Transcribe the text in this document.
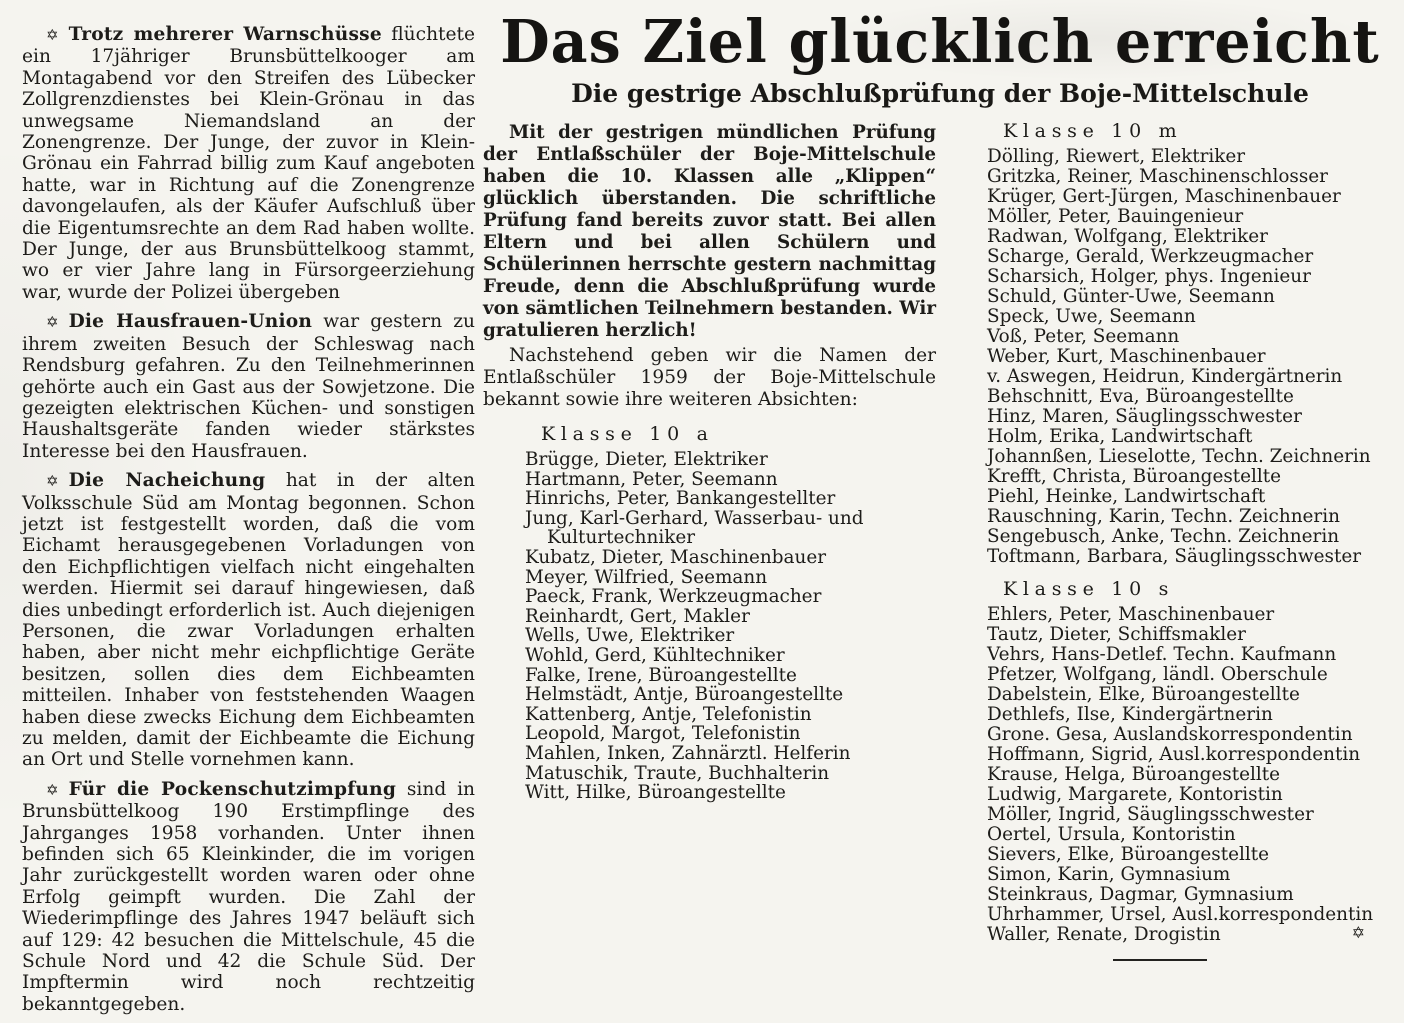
✡ Trotz mehrerer Warnschüsse flüchtete ein 17jähriger Brunsbüttelkooger am Montagabend vor den Streifen des Lübecker Zollgrenzdienstes bei Klein-Grönau in das unwegsame Niemandsland an der Zonengrenze. Der Junge, der zuvor in Klein-Grönau ein Fahrrad billig zum Kauf angeboten hatte, war in Richtung auf die Zonengrenze davongelaufen, als der Käufer Aufschluß über die Eigentumsrechte an dem Rad haben wollte. Der Junge, der aus Brunsbüttelkoog stammt, wo er vier Jahre lang in Fürsorgeerziehung war, wurde der Polizei übergeben

✡ Die Hausfrauen-Union war gestern zu ihrem zweiten Besuch der Schleswag nach Rendsburg gefahren. Zu den Teilnehmerinnen gehörte auch ein Gast aus der Sowjetzone. Die gezeigten elektrischen Küchen- und sonstigen Haushaltsgeräte fanden wieder stärkstes Interesse bei den Hausfrauen.

✡ Die Nacheichung hat in der alten Volksschule Süd am Montag begonnen. Schon jetzt ist festgestellt worden, daß die vom Eichamt herausgegebenen Vorladungen von den Eichpflichtigen vielfach nicht eingehalten werden. Hiermit sei darauf hingewiesen, daß dies unbedingt erforderlich ist. Auch diejenigen Personen, die zwar Vorladungen erhalten haben, aber nicht mehr eichpflichtige Geräte besitzen, sollen dies dem Eichbeamten mitteilen. Inhaber von feststehenden Waagen haben diese zwecks Eichung dem Eichbeamten zu melden, damit der Eichbeamte die Eichung an Ort und Stelle vornehmen kann.

✡ Für die Pockenschutzimpfung sind in Brunsbüttelkoog 190 Erstimpflinge des Jahrganges 1958 vorhanden. Unter ihnen befinden sich 65 Kleinkinder, die im vorigen Jahr zurückgestellt worden waren oder ohne Erfolg geimpft wurden. Die Zahl der Wiederimpflinge des Jahres 1947 beläuft sich auf 129: 42 besuchen die Mittelschule, 45 die Schule Nord und 42 die Schule Süd. Der Impftermin wird noch rechtzeitig bekanntgegeben.

Das Ziel glücklich erreicht
Die gestrige Abschlußprüfung der Boje-Mittelschule

Mit der gestrigen mündlichen Prüfung der Entlaßschüler der Boje-Mittelschule haben die 10. Klassen alle „Klippen“ glücklich überstanden. Die schriftliche Prüfung fand bereits zuvor statt. Bei allen Eltern und bei allen Schülern und Schülerinnen herrschte gestern nachmittag Freude, denn die Abschlußprüfung wurde von sämtlichen Teilnehmern bestanden. Wir gratulieren herzlich!

Nachstehend geben wir die Namen der Entlaßschüler 1959 der Boje-Mittelschule bekannt sowie ihre weiteren Absichten:

Klasse 10 a
Brügge, Dieter, Elektriker
Hartmann, Peter, Seemann
Hinrichs, Peter, Bankangestellter
Jung, Karl-Gerhard, Wasserbau- und Kulturtechniker
Kubatz, Dieter, Maschinenbauer
Meyer, Wilfried, Seemann
Paeck, Frank, Werkzeugmacher
Reinhardt, Gert, Makler
Wells, Uwe, Elektriker
Wohld, Gerd, Kühltechniker
Falke, Irene, Büroangestellte
Helmstädt, Antje, Büroangestellte
Kattenberg, Antje, Telefonistin
Leopold, Margot, Telefonistin
Mahlen, Inken, Zahnärztl. Helferin
Matuschik, Traute, Buchhalterin
Witt, Hilke, Büroangestellte
Klasse 10 m
Dölling, Riewert, Elektriker
Gritzka, Reiner, Maschinenschlosser
Krüger, Gert-Jürgen, Maschinenbauer
Möller, Peter, Bauingenieur
Radwan, Wolfgang, Elektriker
Scharge, Gerald, Werkzeugmacher
Scharsich, Holger, phys. Ingenieur
Schuld, Günter-Uwe, Seemann
Speck, Uwe, Seemann
Voß, Peter, Seemann
Weber, Kurt, Maschinenbauer
v. Aswegen, Heidrun, Kindergärtnerin
Behschnitt, Eva, Büroangestellte
Hinz, Maren, Säuglingsschwester
Holm, Erika, Landwirtschaft
Johannßen, Lieselotte, Techn. Zeichnerin
Krefft, Christa, Büroangestellte
Piehl, Heinke, Landwirtschaft
Rauschning, Karin, Techn. Zeichnerin
Sengebusch, Anke, Techn. Zeichnerin
Toftmann, Barbara, Säuglingsschwester
Klasse 10 s
Ehlers, Peter, Maschinenbauer
Tautz, Dieter, Schiffsmakler
Vehrs, Hans-Detlef. Techn. Kaufmann
Pfetzer, Wolfgang, ländl. Oberschule
Dabelstein, Elke, Büroangestellte
Dethlefs, Ilse, Kindergärtnerin
Grone. Gesa, Auslandskorrespondentin
Hoffmann, Sigrid, Ausl.korrespondentin
Krause, Helga, Büroangestellte
Ludwig, Margarete, Kontoristin
Möller, Ingrid, Säuglingsschwester
Oertel, Ursula, Kontoristin
Sievers, Elke, Büroangestellte
Simon, Karin, Gymnasium
Steinkraus, Dagmar, Gymnasium
Uhrhammer, Ursel, Ausl.korrespondentin
Waller, Renate, Drogistin	✡
